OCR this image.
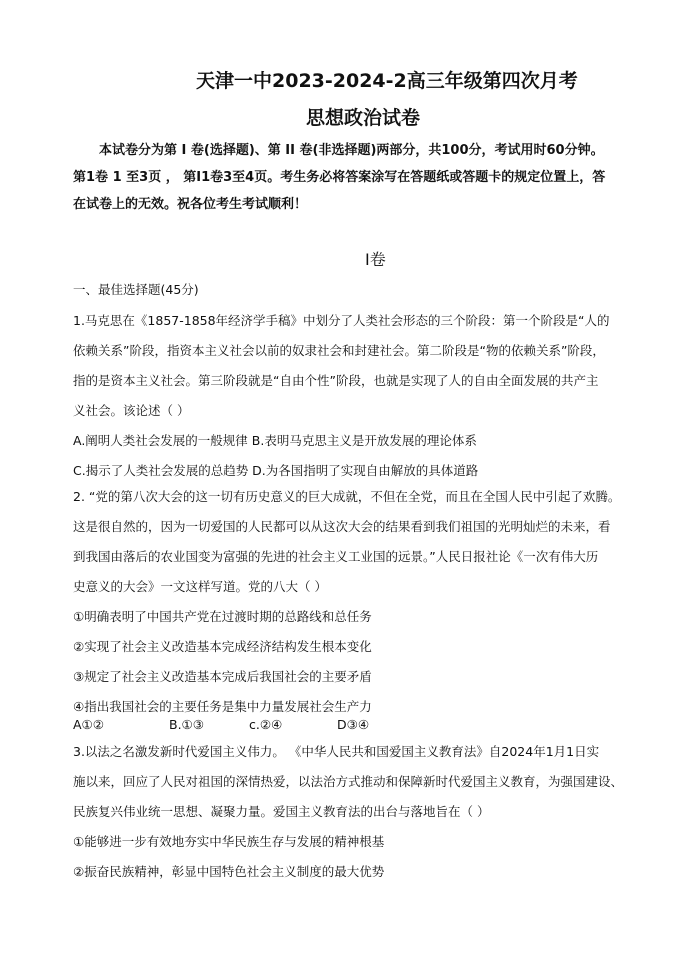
天津一中2023-2024-2高三年级第四次月考
思想政治试卷
本试卷分为第 I 卷(选择题)、第 II 卷(非选择题)两部分，共100分，考试用时60分钟。
第1卷 1 至3页 ， 第I1卷3至4页。考生务必将答案涂写在答题纸或答题卡的规定位置上，答
在试卷上的无效。祝各位考生考试顺利！
Ⅰ卷
一、最佳选择题(45分)
1.马克思在《1857-1858年经济学手稿》中划分了人类社会形态的三个阶段：第一个阶段是“人的
依赖关系”阶段，指资本主义社会以前的奴隶社会和封建社会。第二阶段是“物的依赖关系”阶段，
指的是资本主义社会。第三阶段就是“自由个性”阶段，也就是实现了人的自由全面发展的共产主
义社会。该论述（ ）
A.阐明人类社会发展的一般规律 B.表明马克思主义是开放发展的理论体系
C.揭示了人类社会发展的总趋势 D.为各国指明了实现自由解放的具体道路
2. “党的第八次大会的这一切有历史意义的巨大成就，不但在全党，而且在全国人民中引起了欢腾。
这是很自然的，因为一切爱国的人民都可以从这次大会的结果看到我们祖国的光明灿烂的未来，看
到我国由落后的农业国变为富强的先进的社会主义工业国的远景。”人民日报社论《一次有伟大历
史意义的大会》一文这样写道。党的八大（ ）
①明确表明了中国共产党在过渡时期的总路线和总任务
②实现了社会主义改造基本完成经济结构发生根本变化
③规定了社会主义改造基本完成后我国社会的主要矛盾
④指出我国社会的主要任务是集中力量发展社会生产力
A①②	B.①③	c.②④	D③④
3.以法之名激发新时代爱国主义伟力。 《中华人民共和国爱国主义教育法》自2024年1月1日实
施以来，回应了人民对祖国的深情热爱，以法治方式推动和保障新时代爱国主义教育，为强国建设、
民族复兴伟业统一思想、凝聚力量。爱国主义教育法的出台与落地旨在（ ）
①能够进一步有效地夯实中华民族生存与发展的精神根基
②振奋民族精神，彰显中国特色社会主义制度的最大优势
